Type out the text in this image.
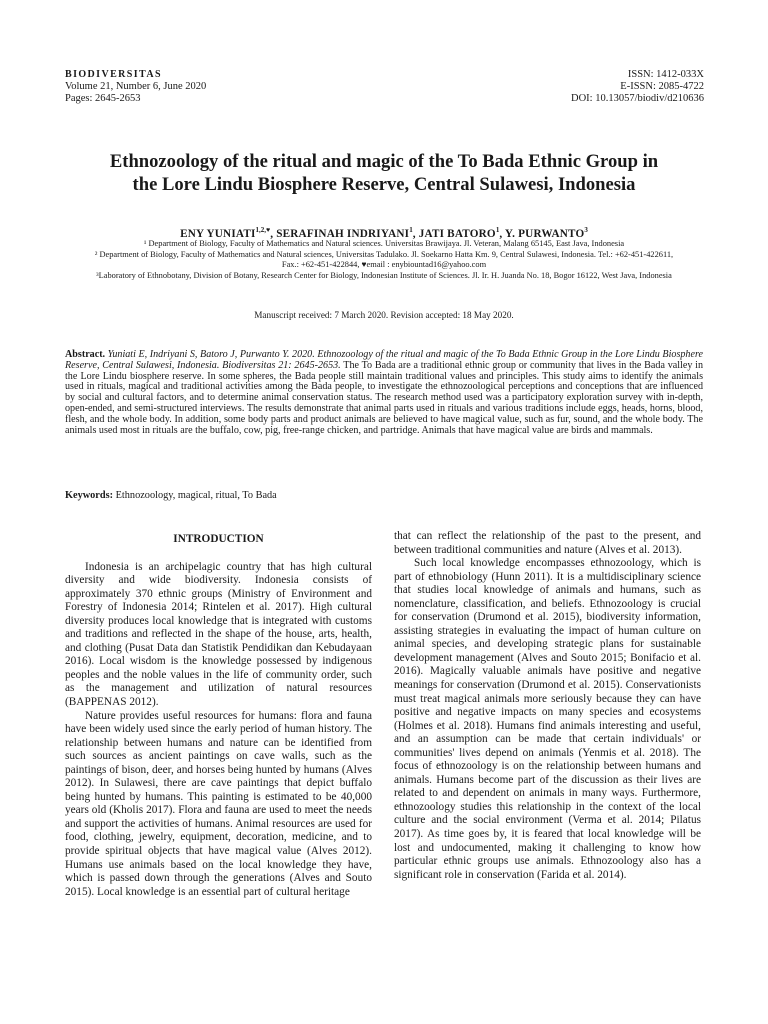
BIODIVERSITAS
Volume 21, Number 6, June 2020
Pages: 2645-2653
ISSN: 1412-033X
E-ISSN: 2085-4722
DOI: 10.13057/biodiv/d210636
Ethnozoology of the ritual and magic of the To Bada Ethnic Group in
the Lore Lindu Biosphere Reserve, Central Sulawesi, Indonesia
ENY $YUNIATI^{1,2,♥}$, SERAFINAH INDRIYANI$^1$, JATI BATORO$^1$, Y. PURWANTO$^3$

¹ Department of Biology, Faculty of Mathematics and Natural sciences. Universitas Brawijaya. Jl. Veteran, Malang 65145, East Java, Indonesia

² Department of Biology, Faculty of Mathematics and Natural sciences, Universitas Tadulako. Jl. Soekarno Hatta Km. 9, Central Sulawesi, Indonesia. Tel.: +62-451-422611, Fax.: +62-451-422844, ♥email : enybiountad16@yahoo.com

³Laboratory of Ethnobotany, Division of Botany, Research Center for Biology, Indonesian Institute of Sciences. Jl. Ir. H. Juanda No. 18, Bogor 16122, West Java, Indonesia

Manuscript received: 7 March 2020. Revision accepted: 18 May 2020.
Abstract. Yuniati E, Indriyani S, Batoro J, Purwanto Y. 2020. Ethnozoology of the ritual and magic of the To Bada Ethnic Group in the Lore Lindu Biosphere Reserve, Central Sulawesi, Indonesia. Biodiversitas 21: 2645-2653. The To Bada are a traditional ethnic group or community that lives in the Bada valley in the Lore Lindu biosphere reserve. In some spheres, the Bada people still maintain traditional values and principles. This study aims to identify the animals used in rituals, magical and traditional activities among the Bada people, to investigate the ethnozoological perceptions and conceptions that are influenced by social and cultural factors, and to determine animal conservation status. The research method used was a participatory exploration survey with in-depth, open-ended, and semi-structured interviews. The results demonstrate that animal parts used in rituals and various traditions include eggs, heads, horns, blood, flesh, and the whole body. In addition, some body parts and product animals are believed to have magical value, such as fur, sound, and the whole body. The animals used most in rituals are the buffalo, cow, pig, free-range chicken, and partridge. Animals that have magical value are birds and mammals.
Keywords: Ethnozoology, magical, ritual, To Bada
INTRODUCTION

Indonesia is an archipelagic country that has high cultural diversity and wide biodiversity. Indonesia consists of approximately 370 ethnic groups (Ministry of Environment and Forestry of Indonesia 2014; Rintelen et al. 2017). High cultural diversity produces local knowledge that is integrated with customs and traditions and reflected in the shape of the house, arts, health, and clothing (Pusat Data dan Statistik Pendidikan dan Kebudayaan 2016). Local wisdom is the knowledge possessed by indigenous peoples and the noble values in the life of community order, such as the management and utilization of natural resources (BAPPENAS 2012).

Nature provides useful resources for humans: flora and fauna have been widely used since the early period of human history. The relationship between humans and nature can be identified from such sources as ancient paintings on cave walls, such as the paintings of bison, deer, and horses being hunted by humans (Alves 2012). In Sulawesi, there are cave paintings that depict buffalo being hunted by humans. This painting is estimated to be 40,000 years old (Kholis 2017). Flora and fauna are used to meet the needs and support the activities of humans. Animal resources are used for food, clothing, jewelry, equipment, decoration, medicine, and to provide spiritual objects that have magical value (Alves 2012). Humans use animals based on the local knowledge they have, which is passed down through the generations (Alves and Souto 2015). Local knowledge is an essential part of cultural heritage

that can reflect the relationship of the past to the present, and between traditional communities and nature (Alves et al. 2013).

Such local knowledge encompasses ethnozoology, which is part of ethnobiology (Hunn 2011). It is a multidisciplinary science that studies local knowledge of animals and humans, such as nomenclature, classification, and beliefs. Ethnozoology is crucial for conservation (Drumond et al. 2015), biodiversity information, assisting strategies in evaluating the impact of human culture on animal species, and developing strategic plans for sustainable development management (Alves and Souto 2015; Bonifacio et al. 2016). Magically valuable animals have positive and negative meanings for conservation (Drumond et al. 2015). Conservationists must treat magical animals more seriously because they can have positive and negative impacts on many species and ecosystems (Holmes et al. 2018). Humans find animals interesting and useful, and an assumption can be made that certain individuals' or communities' lives depend on animals (Yenmis et al. 2018). The focus of ethnozoology is on the relationship between humans and animals. Humans become part of the discussion as their lives are related to and dependent on animals in many ways. Furthermore, ethnozoology studies this relationship in the context of the local culture and the social environment (Verma et al. 2014; Pilatus 2017). As time goes by, it is feared that local knowledge will be lost and undocumented, making it challenging to know how particular ethnic groups use animals. Ethnozoology also has a significant role in conservation (Farida et al. 2014).
